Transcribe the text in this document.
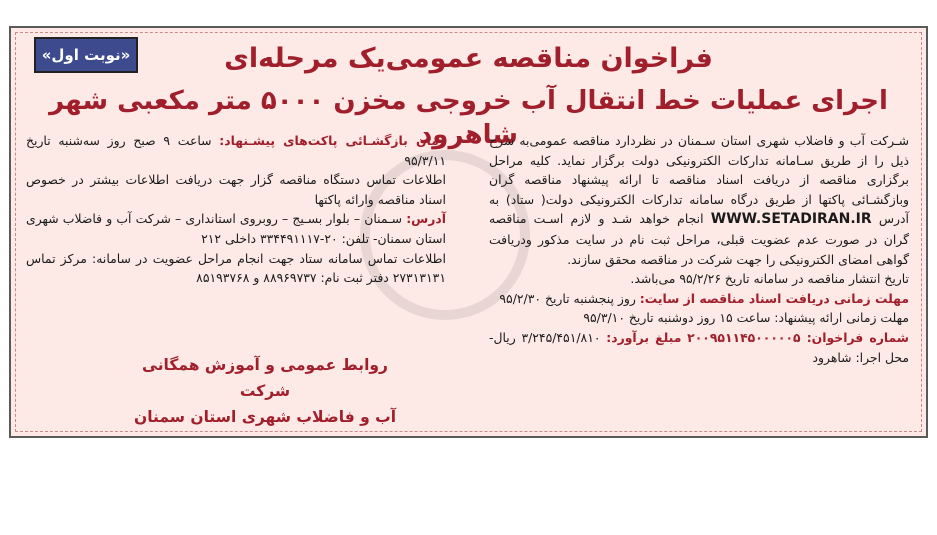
«نوبت اول»	فراخوان مناقصه عمومی‌یک مرحله‌ای
اجرای عملیات خط انتقال آب خروجی مخزن ۵۰۰۰ متر مکعبی شهر شاهرود
شـرکت آب و فاضلاب شهری استان سـمنان در نظردارد مناقصه عمومی‌به شرح ذیل را از طریق سـامانه تدارکات الکترونیکی دولت برگزار نماید. کلیه مراحل برگزاری مناقصه از دریافت اسناد مناقصه تا ارائه پیشنهاد مناقصه گران وبازگشـائی پاکتها از طریق درگاه سامانه تدارکات الکترونیکی دولت( ستاد) به آدرس WWW.SETADIRAN.IR انجام خواهد شـد و لازم اسـت مناقصه گران در صورت عدم عضویت قبلی، مراحل ثبت نام در سایت مذکور ودریافت گواهی امضای الکترونیکی را جهت شرکت در مناقصه محقق سازند.
تاریخ انتشار مناقصه در سامانه تاریخ ۹۵/۲/۲۶ می‌باشد.
مهلت زمانی دریافت اسناد مناقصه از سایت: روز پنجشنبه تاریخ ۹۵/۲/۳۰
مهلت زمانی ارائه پیشنهاد: ساعت ۱۵ روز دوشنبه تاریخ ۹۵/۳/۱۰
شماره فراخوان: ۲۰۰۹۵۱۱۴۵۰۰۰۰۰۵ مبلغ برآورد: ۳/۲۴۵/۴۵۱/۸۱۰ ریال- محل اجرا: شاهرود
زمان بازگشـائی پاکت‌های پیشـنهاد: ساعت ۹ صبح روز سه‌شنبه تاریخ ۹۵/۳/۱۱
اطلاعات تماس دستگاه مناقصه گزار جهت دریافت اطلاعات بیشتر در خصوص اسناد مناقصه وارائه پاکتها
آدرس: سـمنان – بلوار بسـیج – روبروی استانداری – شرکت آب و فاضلاب شهری استان سمنان- تلفن: ۲۰-۳۳۴۴۹۱۱۱۷ داخلی ۲۱۲
اطلاعات تماس سامانه ستاد جهت انجام مراحل عضویت در سامانه: مرکز تماس ۲۷۳۱۳۱۳۱ دفتر ثبت نام: ۸۸۹۶۹۷۳۷ و ۸۵۱۹۳۷۶۸
روابط عمومی و آموزش همگانی شرکت
آب و فاضلاب شهری استان سمنان
